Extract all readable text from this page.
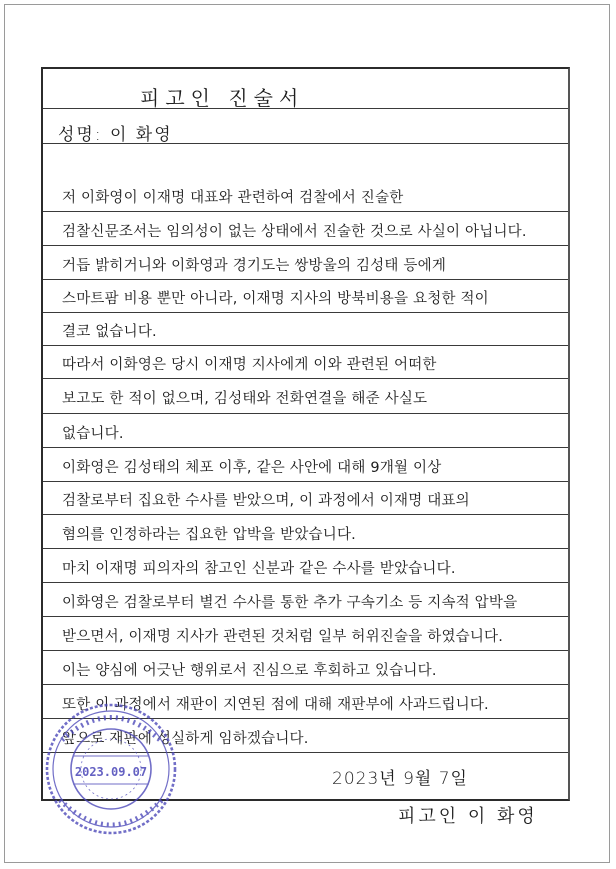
피고인 진술서
성명: 이 화영
저 이화영이 이재명 대표와 관련하여 검찰에서 진술한
검찰신문조서는 임의성이 없는 상태에서 진술한 것으로 사실이 아닙니다.
거듭 밝히거니와 이화영과 경기도는 쌍방울의 김성태 등에게
스마트팜 비용 뿐만 아니라, 이재명 지사의 방북비용을 요청한 적이
결코 없습니다.
따라서 이화영은 당시 이재명 지사에게 이와 관련된 어떠한
보고도 한 적이 없으며, 김성태와 전화연결을 해준 사실도
없습니다.
이화영은 김성태의 체포 이후, 같은 사안에 대해 9개월 이상
검찰로부터 집요한 수사를 받았으며, 이 과정에서 이재명 대표의
혐의를 인정하라는 집요한 압박을 받았습니다.
마치 이재명 피의자의 참고인 신분과 같은 수사를 받았습니다.
이화영은 검찰로부터 별건 수사를 통한 추가 구속기소 등 지속적 압박을
받으면서, 이재명 지사가 관련된 것처럼 일부 허위진술을 하였습니다.
이는 양심에 어긋난 행위로서 진심으로 후회하고 있습니다.
또한 이 과정에서 재판이 지연된 점에 대해 재판부에 사과드립니다.
앞으로 재판에 성실하게 임하겠습니다.
2023년 9월 7일
피고인 이 화영
2023.09.07
